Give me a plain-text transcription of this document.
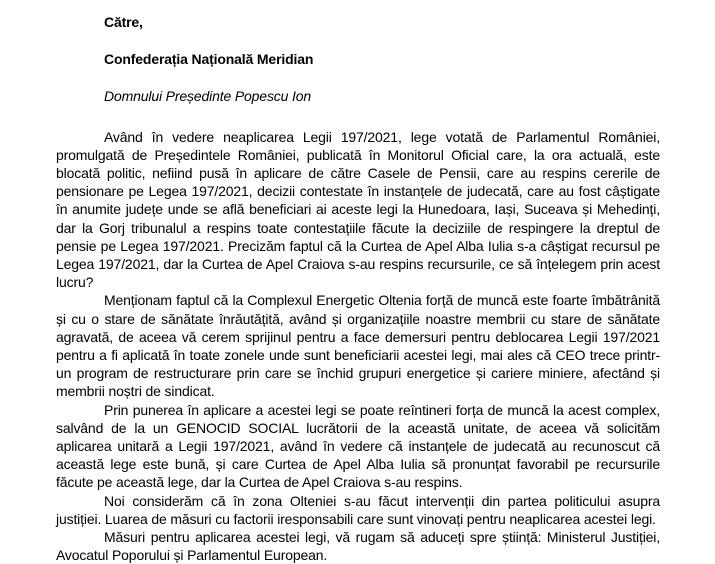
Către,

Confederația Națională Meridian

Domnului Președinte Popescu Ion

Având în vedere neaplicarea Legii 197/2021, lege votată de Parlamentul României, promulgată de Președintele României, publicată în Monitorul Oficial care, la ora actuală, este blocată politic, nefiind pusă în aplicare de către Casele de Pensii, care au respins cererile de pensionare pe Legea 197/2021, decizii contestate în instanțele de judecată, care au fost câștigate în anumite județe unde se află beneficiari ai aceste legi la Hunedoara, Iași, Suceava și Mehedinți, dar la Gorj tribunalul a respins toate contestațiile făcute la deciziile de respingere la dreptul de pensie pe Legea 197/2021. Precizăm faptul că la Curtea de Apel Alba Iulia s-a câștigat recursul pe Legea 197/2021, dar la Curtea de Apel Craiova s-au respins recursurile, ce să înțelegem prin acest lucru?

Menționam faptul că la Complexul Energetic Oltenia forță de muncă este foarte îmbătrânită și cu o stare de sănătate înrăutățită, având și organizațiile noastre membrii cu stare de sănătate agravată, de aceea vă cerem sprijinul pentru a face demersuri pentru deblocarea Legii 197/2021 pentru a fi aplicată în toate zonele unde sunt beneficiarii acestei legi, mai ales că CEO trece printr-un program de restructurare prin care se închid grupuri energetice și cariere miniere, afectând și membrii noștri de sindicat.

Prin punerea în aplicare a acestei legi se poate reîntineri forța de muncă la acest complex, salvând de la un GENOCID SOCIAL lucrătorii de la această unitate, de aceea vă solicităm aplicarea unitară a Legii 197/2021, având în vedere că instanțele de judecată au recunoscut că această lege este bună, și care Curtea de Apel Alba Iulia să pronunțat favorabil pe recursurile făcute pe această lege, dar la Curtea de Apel Craiova s-au respins.

Noi considerăm că în zona Olteniei s-au făcut intervenții din partea politicului asupra justiției. Luarea de măsuri cu factorii iresponsabili care sunt vinovați pentru neaplicarea acestei legi.

Măsuri pentru aplicarea acestei legi, vă rugam să aduceți spre știință: Ministerul Justiției, Avocatul Poporului și Parlamentul European.
